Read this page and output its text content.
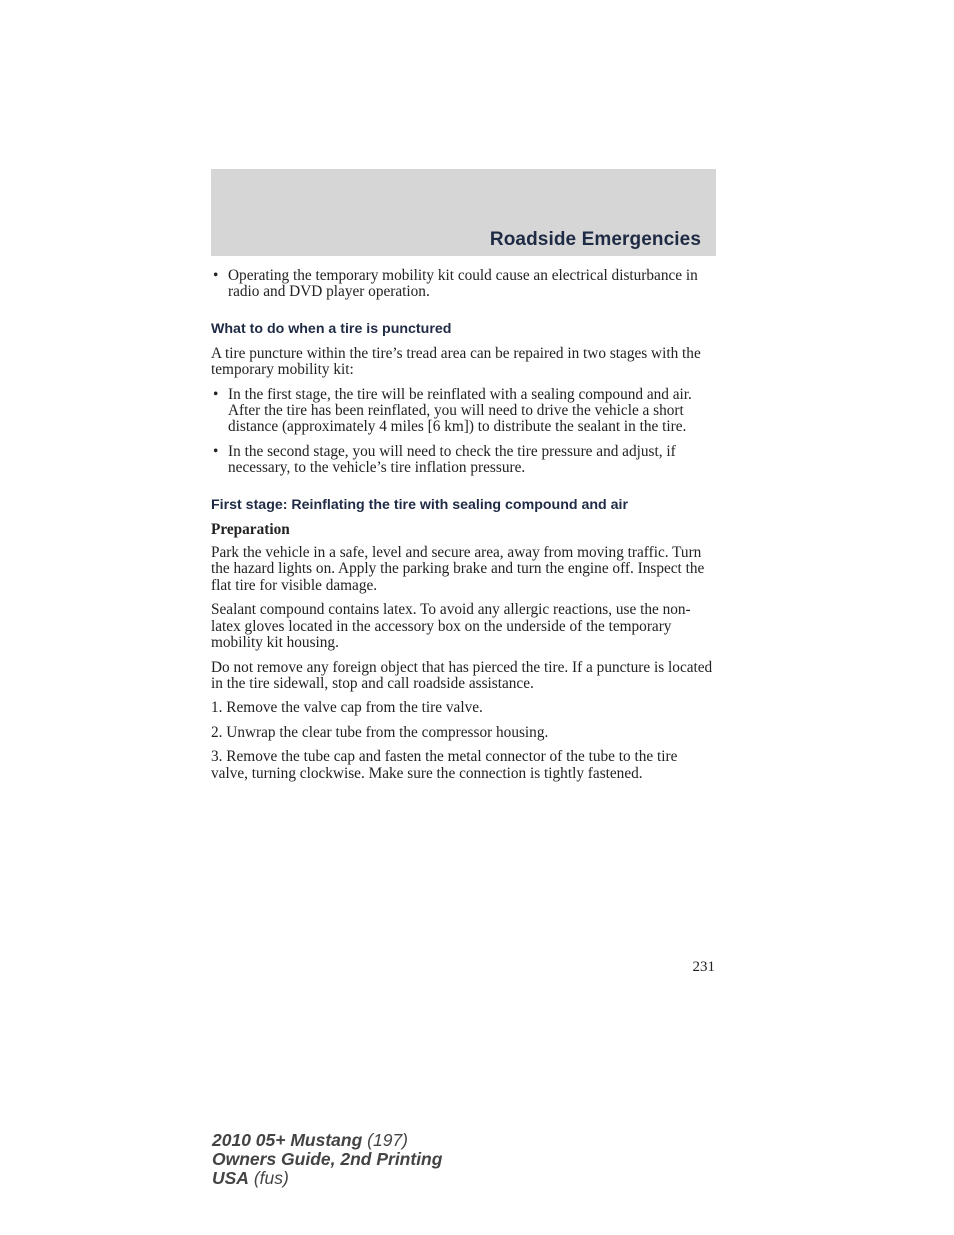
Roadside Emergencies
• Operating the temporary mobility kit could cause an electrical disturbance in radio and DVD player operation.
What to do when a tire is punctured
A tire puncture within the tire’s tread area can be repaired in two stages with the temporary mobility kit:
• In the first stage, the tire will be reinflated with a sealing compound and air. After the tire has been reinflated, you will need to drive the vehicle a short distance (approximately 4 miles [6 km]) to distribute the sealant in the tire.
• In the second stage, you will need to check the tire pressure and adjust, if necessary, to the vehicle’s tire inflation pressure.
First stage: Reinflating the tire with sealing compound and air
Preparation
Park the vehicle in a safe, level and secure area, away from moving traffic. Turn the hazard lights on. Apply the parking brake and turn the engine off. Inspect the flat tire for visible damage.
Sealant compound contains latex. To avoid any allergic reactions, use the non-latex gloves located in the accessory box on the underside of the temporary mobility kit housing.
Do not remove any foreign object that has pierced the tire. If a puncture is located in the tire sidewall, stop and call roadside assistance.
1. Remove the valve cap from the tire valve.
2. Unwrap the clear tube from the compressor housing.
3. Remove the tube cap and fasten the metal connector of the tube to the tire valve, turning clockwise. Make sure the connection is tightly fastened.
231
2010 05+ Mustang (197)
Owners Guide, 2nd Printing
USA (fus)
